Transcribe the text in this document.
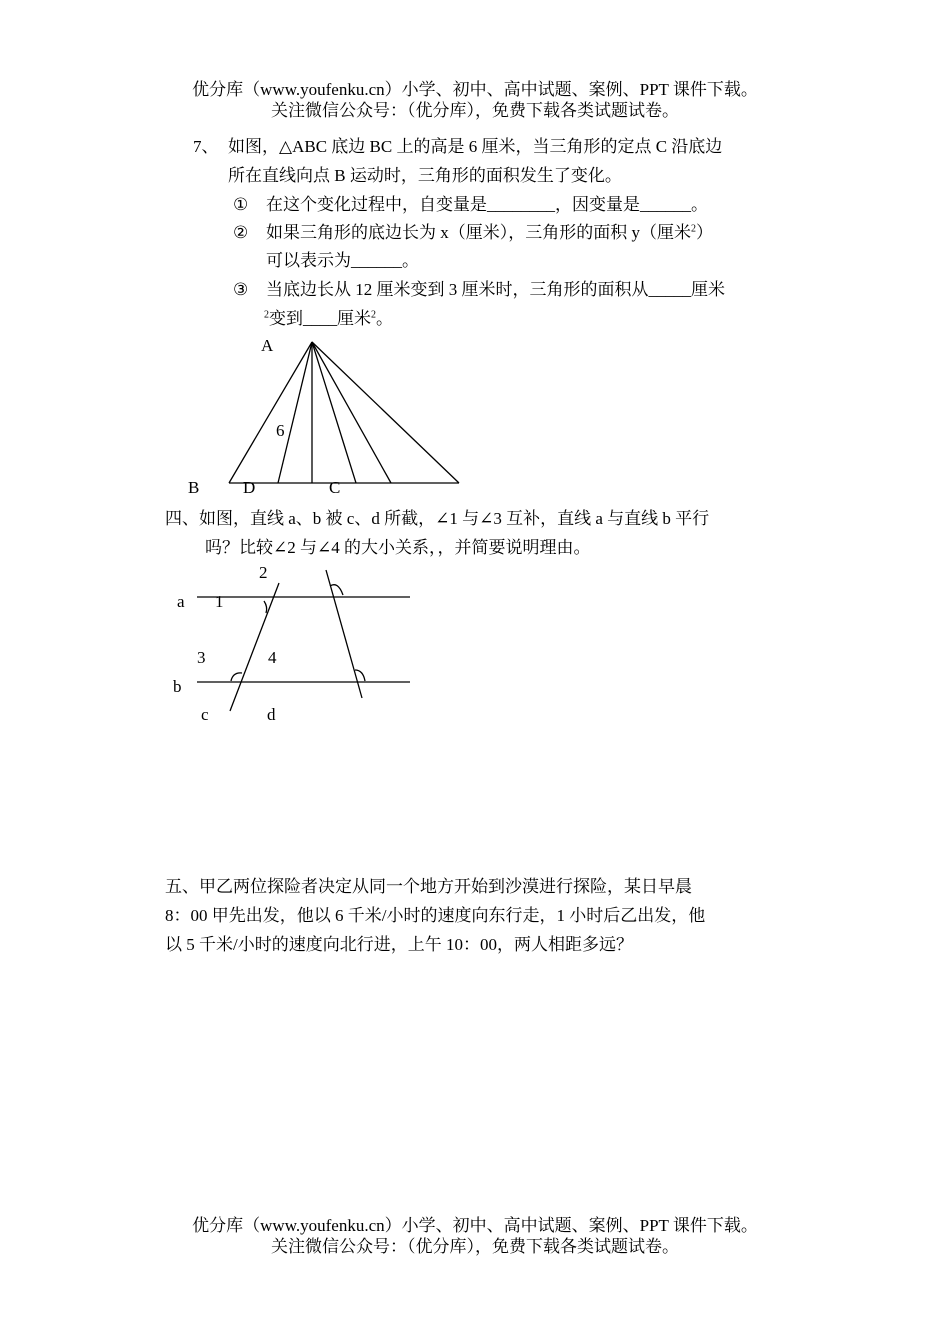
优分库（www.youfenku.cn）小学、初中、高中试题、案例、PPT 课件下载。
关注微信公众号：（优分库），免费下载各类试题试卷。
7、 如图，△ABC 底边 BC 上的高是 6 厘米，当三角形的定点 C 沿底边
所在直线向点 B 运动时，三角形的面积发生了变化。
① 在这个变化过程中，自变量是________，因变量是______。
② 如果三角形的底边长为 x（厘米），三角形的面积 y（厘米$^2$）
可以表示为______。
③ 当底边长从 12 厘米变到 3 厘米时，三角形的面积从_____厘米
$^2$变到____厘米$^2$。
A
6
B	D	C
2
a 1
3	4
b
c	d
四、如图，直线 a、b 被 c、d 所截，∠1 与∠3 互补，直线 a 与直线 b 平行
吗？比较∠2 与∠4 的大小关系，，并简要说明理由。
五、甲乙两位探险者决定从同一个地方开始到沙漠进行探险，某日早晨
8：00 甲先出发，他以 6 千米/小时的速度向东行走，1 小时后乙出发，他
以 5 千米/小时的速度向北行进，上午 10：00，两人相距多远？
优分库（www.youfenku.cn）小学、初中、高中试题、案例、PPT 课件下载。
关注微信公众号：（优分库），免费下载各类试题试卷。
